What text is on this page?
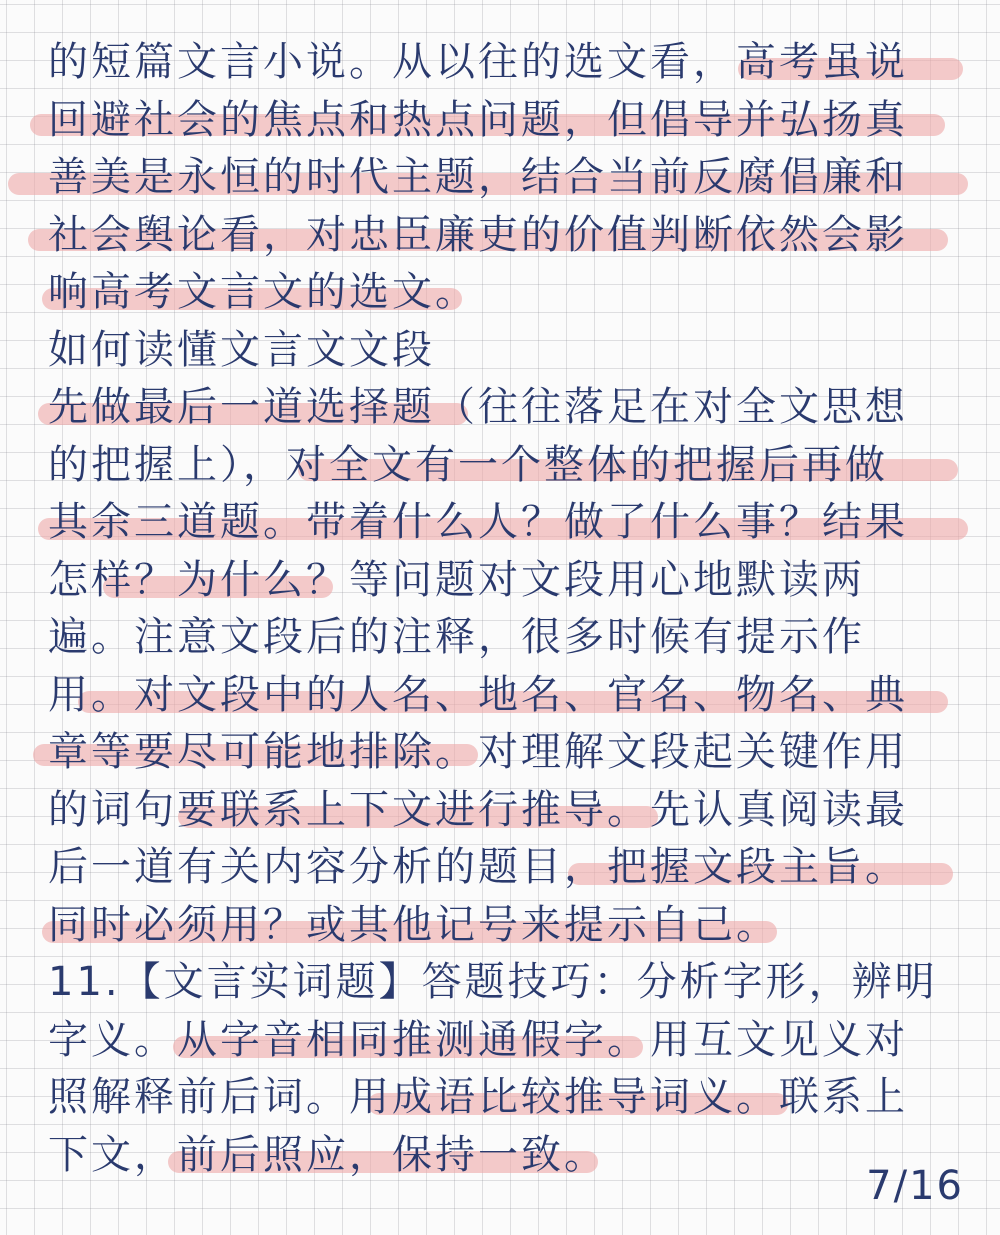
的短篇文言小说。从以往的选文看，高考虽说
回避社会的焦点和热点问题，但倡导并弘扬真
善美是永恒的时代主题，结合当前反腐倡廉和
社会舆论看，对忠臣廉吏的价值判断依然会影
响高考文言文的选文。
如何读懂文言文文段
先做最后一道选择题（往往落足在对全文思想
的把握上），对全文有一个整体的把握后再做
其余三道题。带着什么人？做了什么事？结果
怎样？为什么？等问题对文段用心地默读两
遍。注意文段后的注释，很多时候有提示作
用。对文段中的人名、地名、官名、物名、典
章等要尽可能地排除。对理解文段起关键作用
的词句要联系上下文进行推导。先认真阅读最
后一道有关内容分析的题目，把握文段主旨。
同时必须用？或其他记号来提示自己。
11.【文言实词题】答题技巧：分析字形，辨明
字义。从字音相同推测通假字。用互文见义对
照解释前后词。用成语比较推导词义。联系上
下文，前后照应，保持一致。
7/16
